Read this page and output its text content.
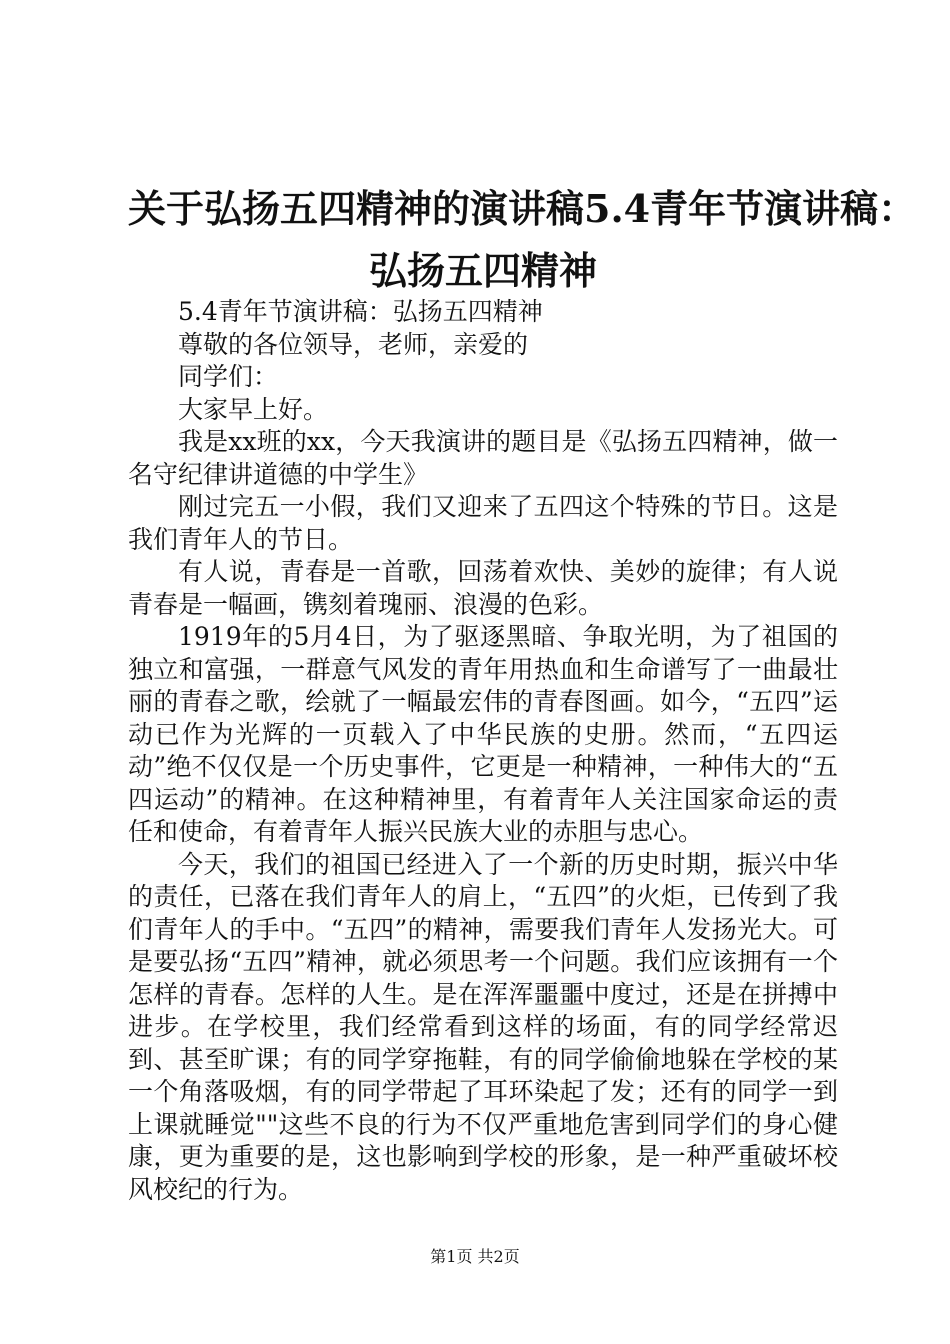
关于弘扬五四精神的演讲稿5.4青年节演讲稿：
弘扬五四精神

5.4青年节演讲稿：弘扬五四精神

尊敬的各位领导，老师，亲爱的

同学们：

大家早上好。

我是xx班的xx，今天我演讲的题目是《弘扬五四精神，做一名守纪律讲道德的中学生》

刚过完五一小假，我们又迎来了五四这个特殊的节日。这是我们青年人的节日。

有人说，青春是一首歌，回荡着欢快、美妙的旋律；有人说青春是一幅画，镌刻着瑰丽、浪漫的色彩。

1919年的5月4日，为了驱逐黑暗、争取光明，为了祖国的独立和富强，一群意气风发的青年用热血和生命谱写了一曲最壮丽的青春之歌，绘就了一幅最宏伟的青春图画。如今，“五四”运动已作为光辉的一页载入了中华民族的史册。然而，“五四运动”绝不仅仅是一个历史事件，它更是一种精神，一种伟大的“五四运动”的精神。在这种精神里，有着青年人关注国家命运的责任和使命，有着青年人振兴民族大业的赤胆与忠心。

今天，我们的祖国已经进入了一个新的历史时期，振兴中华的责任，已落在我们青年人的肩上，“五四”的火炬，已传到了我们青年人的手中。“五四”的精神，需要我们青年人发扬光大。可是要弘扬“五四”精神，就必须思考一个问题。我们应该拥有一个怎样的青春。怎样的人生。是在浑浑噩噩中度过，还是在拼搏中进步。在学校里，我们经常看到这样的场面，有的同学经常迟到、甚至旷课；有的同学穿拖鞋，有的同学偷偷地躲在学校的某一个角落吸烟，有的同学带起了耳环染起了发；还有的同学一到上课就睡觉""这些不良的行为不仅严重地危害到同学们的身心健康，更为重要的是，这也影响到学校的形象，是一种严重破坏校风校纪的行为。

第1页 共2页
